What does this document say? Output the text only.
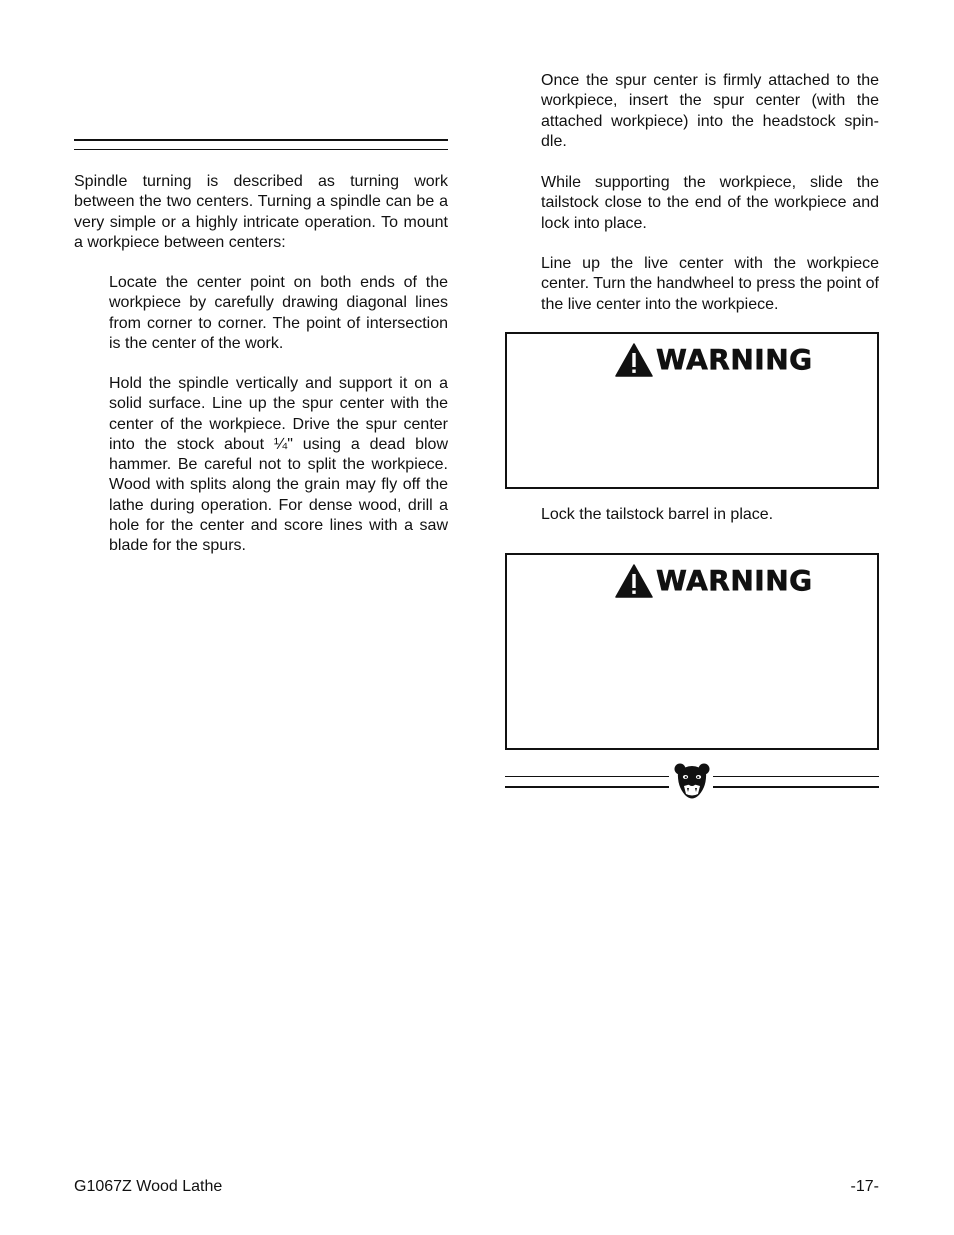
Spindle turning is described as turning work between the two centers. Turning a spindle can be a very simple or a highly intricate operation. To mount a workpiece between centers:

Locate the center point on both ends of the workpiece by carefully drawing diagonal lines from corner to corner. The point of intersection is the center of the work.

Hold the spindle vertically and support it on a solid surface. Line up the spur center with the center of the workpiece. Drive the spur center into the stock about ¼" using a dead blow hammer. Be careful not to split the workpiece. Wood with splits along the grain may fly off the lathe during operation. For dense wood, drill a hole for the center and score lines with a saw blade for the spurs.

Once the spur center is firmly attached to the workpiece, insert the spur center (with the attached workpiece) into the headstock spin-dle.

While supporting the workpiece, slide the tailstock close to the end of the workpiece and lock into place.

Line up the live center with the workpiece center. Turn the handwheel to press the point of the live center into the workpiece.

WARNING

Lock the tailstock barrel in place.

WARNING
G1067Z Wood Lathe	-17-
